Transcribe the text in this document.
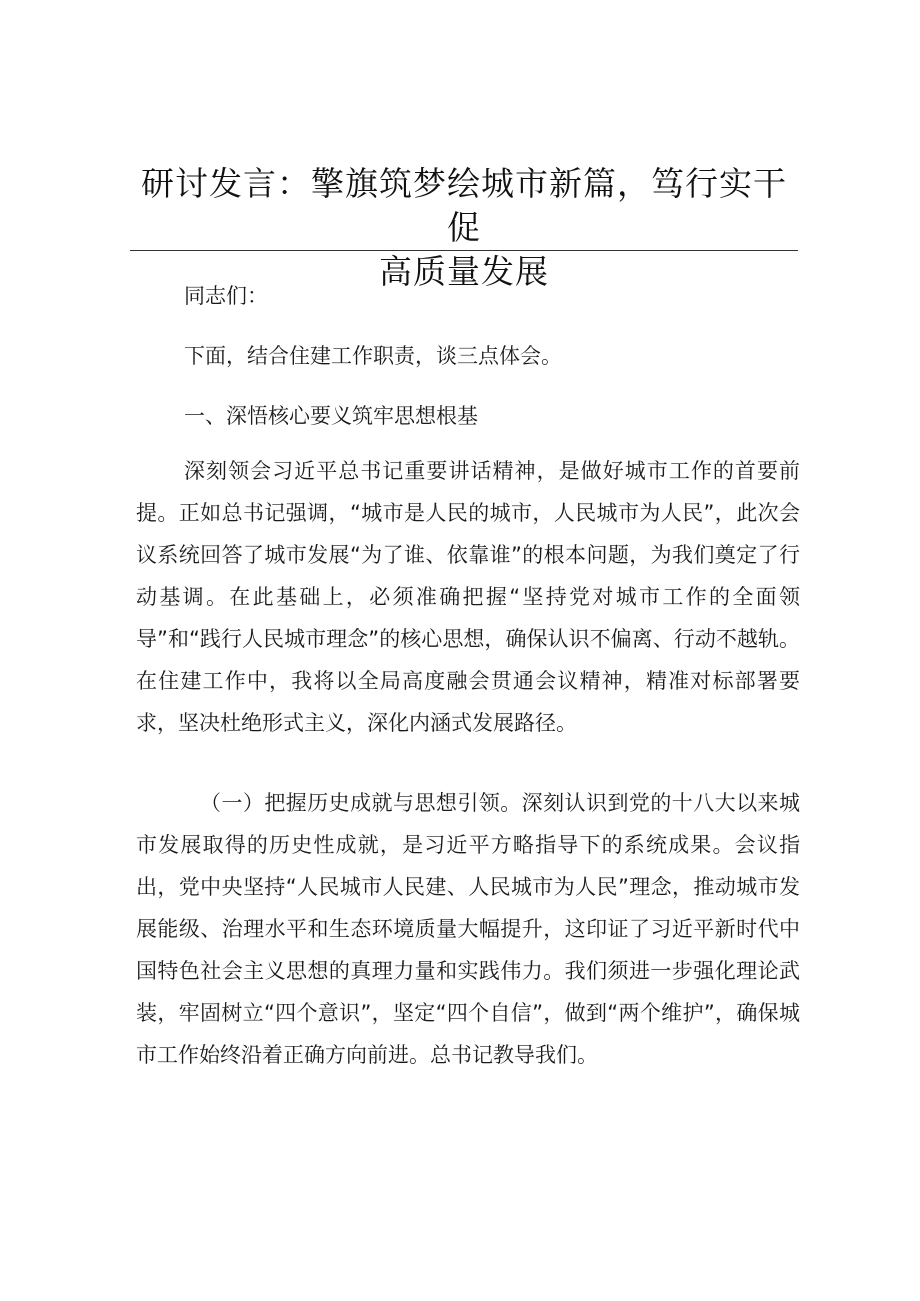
研讨发言：擎旗筑梦绘城市新篇，笃行实干促
高质量发展

同志们：

下面，结合住建工作职责，谈三点体会。

一、深悟核心要义筑牢思想根基

深刻领会习近平总书记重要讲话精神，是做好城市工作的首要前提。正如总书记强调，“城市是人民的城市，人民城市为人民”，此次会议系统回答了城市发展“为了谁、依靠谁”的根本问题，为我们奠定了行动基调。在此基础上，必须准确把握“坚持党对城市工作的全面领导”和“践行人民城市理念”的核心思想，确保认识不偏离、行动不越轨。在住建工作中，我将以全局高度融会贯通会议精神，精准对标部署要求，坚决杜绝形式主义，深化内涵式发展路径。

（一）把握历史成就与思想引领。深刻认识到党的十八大以来城市发展取得的历史性成就，是习近平方略指导下的系统成果。会议指出，党中央坚持“人民城市人民建、人民城市为人民”理念，推动城市发展能级、治理水平和生态环境质量大幅提升，这印证了习近平新时代中国特色社会主义思想的真理力量和实践伟力。我们须进一步强化理论武装，牢固树立“四个意识”，坚定“四个自信”，做到“两个维护”，确保城市工作始终沿着正确方向前进。总书记教导我们。
